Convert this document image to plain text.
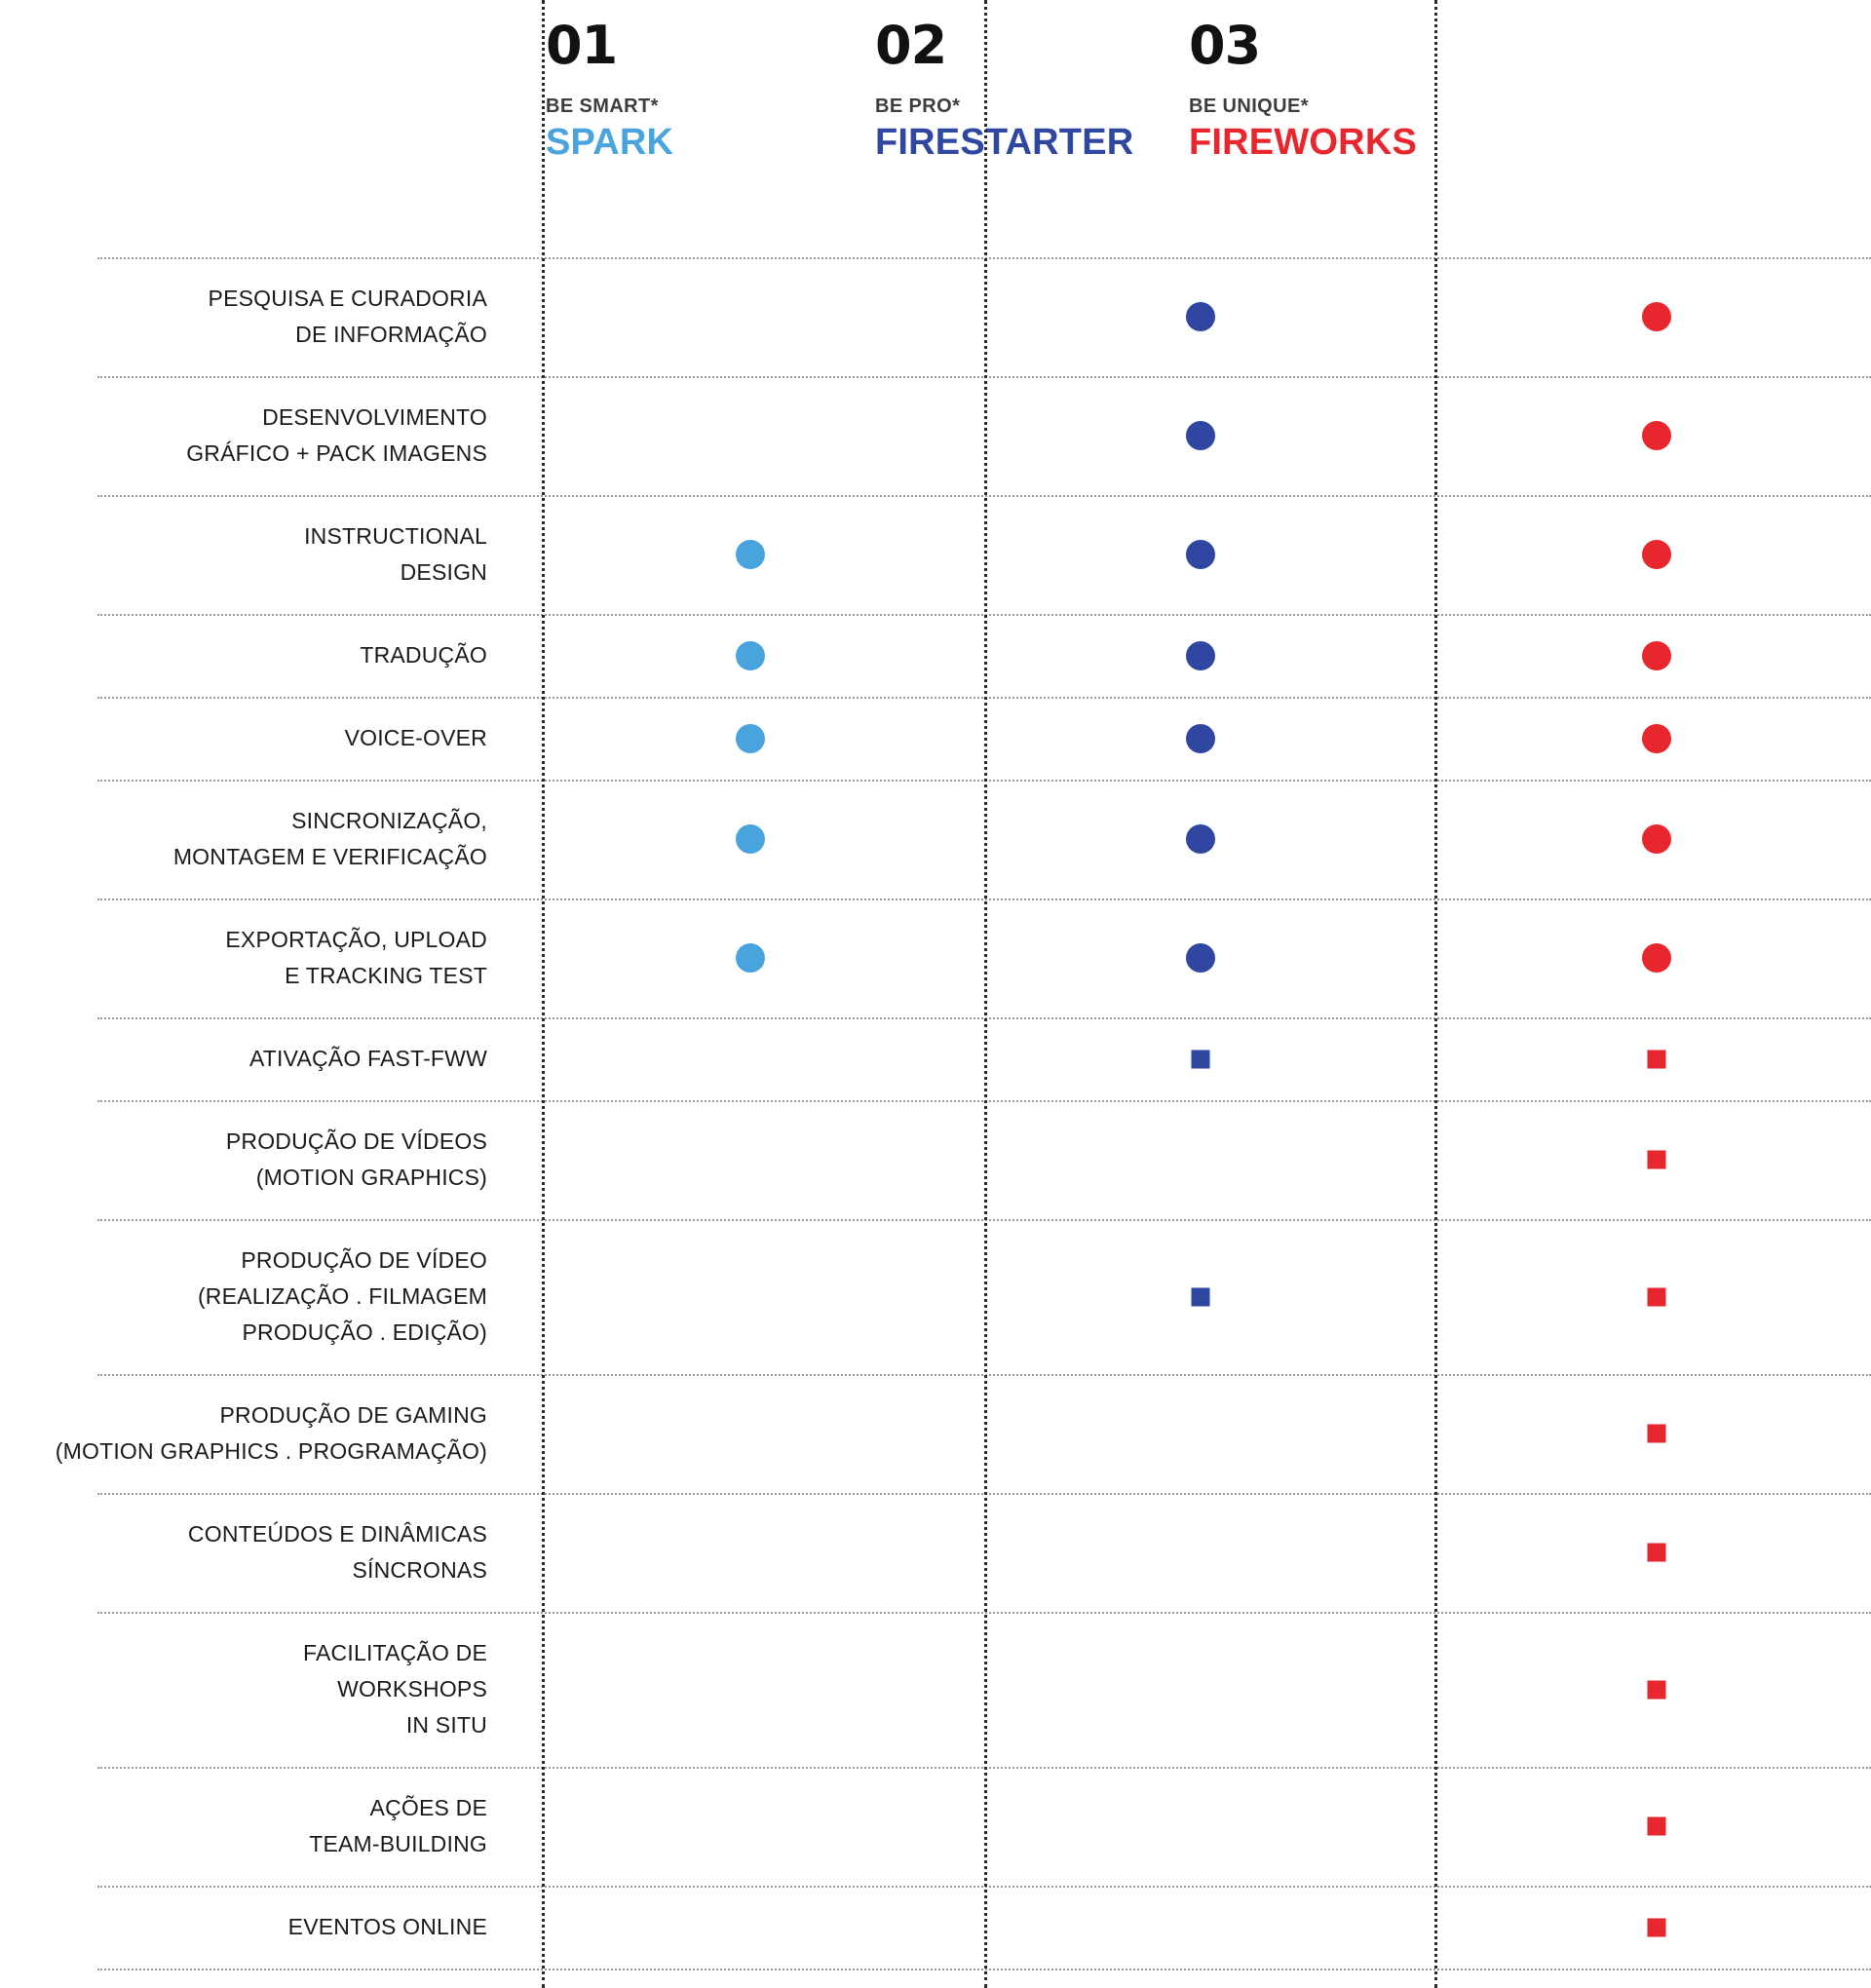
01
BE SMART*
SPARK
02
BE PRO*
FIRESTARTER
03
BE UNIQUE*
FIREWORKS
PESQUISA E CURADORIA
DE INFORMAÇÃO
DESENVOLVIMENTO
GRÁFICO + PACK IMAGENS
INSTRUCTIONAL
DESIGN
TRADUÇÃO
VOICE-OVER
SINCRONIZAÇÃO,
MONTAGEM E VERIFICAÇÃO
EXPORTAÇÃO, UPLOAD
E TRACKING TEST
ATIVAÇÃO FAST-FWW
PRODUÇÃO DE VÍDEOS
(MOTION GRAPHICS)
PRODUÇÃO DE VÍDEO
(REALIZAÇÃO . FILMAGEM
PRODUÇÃO . EDIÇÃO)
PRODUÇÃO DE GAMING
(MOTION GRAPHICS . PROGRAMAÇÃO)
CONTEÚDOS E DINÂMICAS
SÍNCRONAS
FACILITAÇÃO DE
WORKSHOPS
IN SITU
AÇÕES DE
TEAM-BUILDING
EVENTOS ONLINE
